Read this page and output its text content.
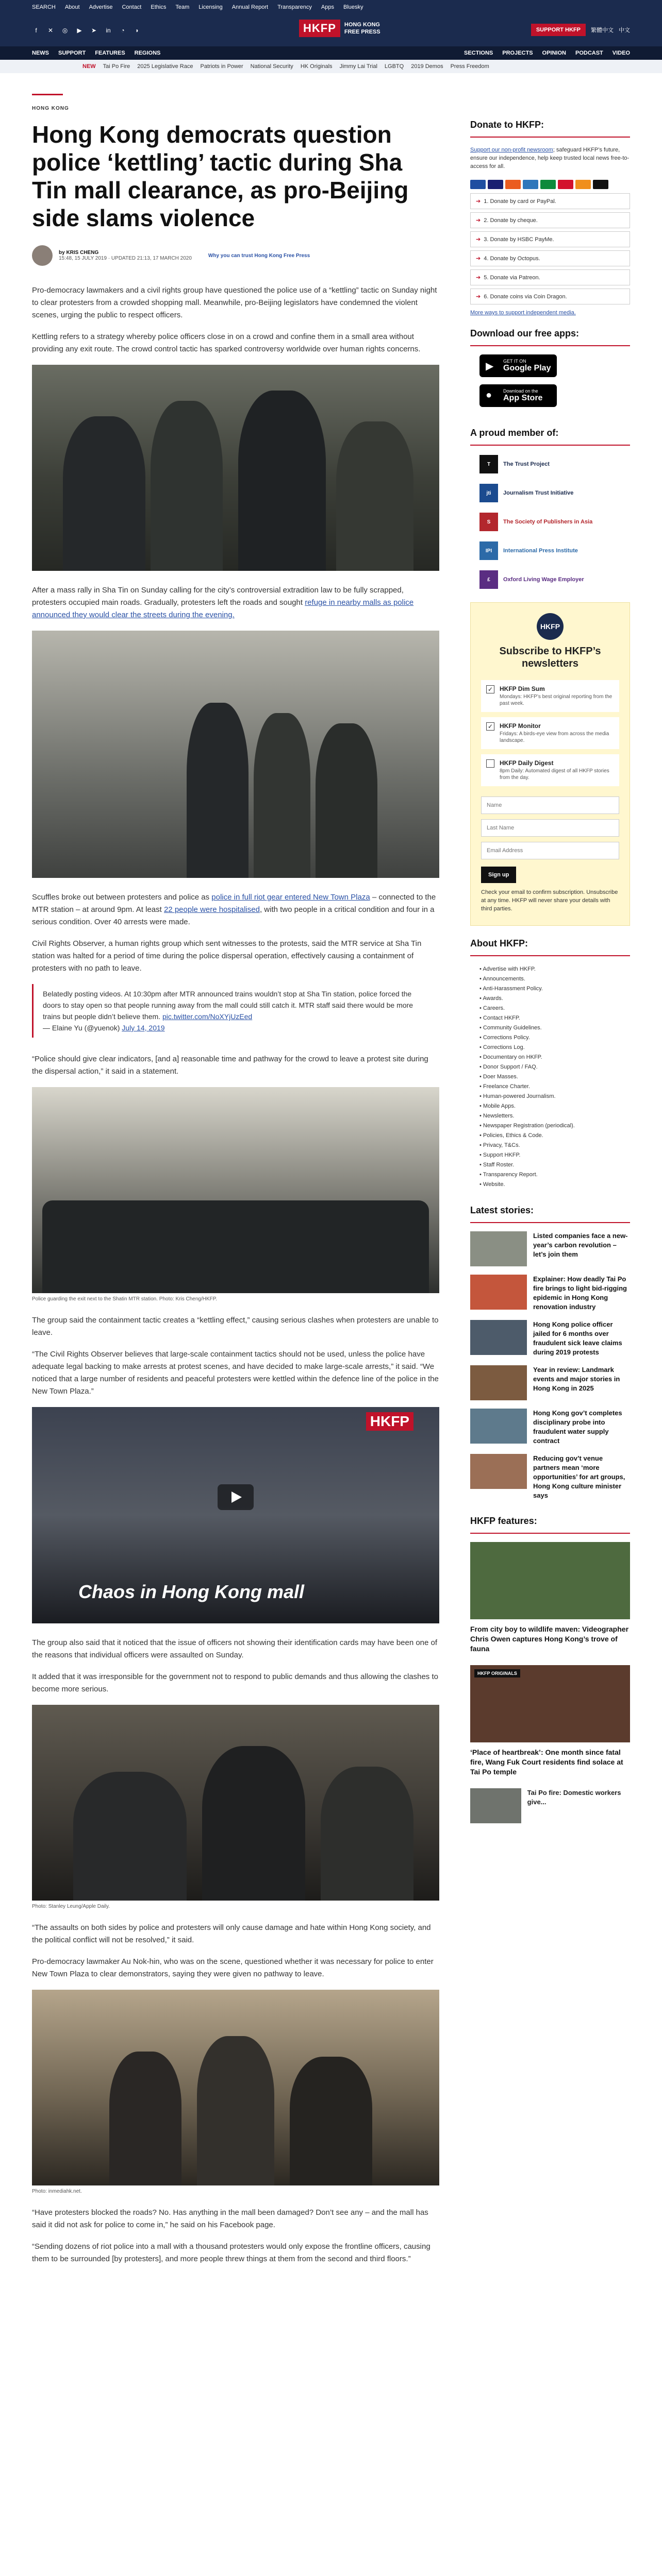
SEARCH About Advertise Contact Ethics Team Licensing Annual Report Transparency Apps Bluesky
f	✕ ◎ ▶ ➤ in	◔	◗	HKFP	HONG KONG
FREE PRESS	SUPPORT HKFP	繁體中文 中文
NEWS SUPPORT FEATURES REGIONS	SECTIONS PROJECTS OPINION PODCAST VIDEO
NEW Tai Po Fire 2025 Legislative Race Patriots in Power National Security HK Originals Jimmy Lai Trial LGBTQ 2019 Demos Press Freedom
HONG KONG
Hong Kong democrats question police ‘kettling’ tactic during Sha Tin mall clearance, as pro-Beijing side slams violence
by KRIS CHENG
15:48, 15 JULY 2019 · UPDATED 21:13, 17 MARCH 2020	Why you can trust Hong Kong Free Press

Pro-democracy lawmakers and a civil rights group have questioned the police use of a “kettling” tactic on Sunday night to clear protesters from a crowded shopping mall. Meanwhile, pro-Beijing legislators have condemned the violent scenes, urging the public to respect officers.

Kettling refers to a strategy whereby police officers close in on a crowd and confine them in a small area without providing any exit route. The crowd control tactic has sparked controversy worldwide over human rights concerns.

After a mass rally in Sha Tin on Sunday calling for the city’s controversial extradition law to be fully scrapped, protesters occupied main roads. Gradually, protesters left the roads and sought refuge in nearby malls as police announced they would clear the streets during the evening.

Scuffles broke out between protesters and police as police in full riot gear entered New Town Plaza – connected to the MTR station – at around 9pm. At least 22 people were hospitalised, with two people in a critical condition and four in a serious condition. Over 40 arrests were made.

Civil Rights Observer, a human rights group which sent witnesses to the protests, said the MTR service at Sha Tin station was halted for a period of time during the police dispersal operation, effectively causing a containment of protesters with no path to leave.

Belatedly posting videos. At 10:30pm after MTR announced trains wouldn’t stop at Sha Tin station, police forced the doors to stay open so that people running away from the mall could still catch it. MTR staff said there would be more trains but people didn’t believe them. pic.twitter.com/NoXYjUzEed
— Elaine Yu (@yuenok) July 14, 2019

“Police should give clear indicators, [and a] reasonable time and pathway for the crowd to leave a protest site during the dispersal action,” it said in a statement.

Police guarding the exit next to the Shatin MTR station. Photo: Kris Cheng/HKFP.

The group said the containment tactic creates a “kettling effect,” causing serious clashes when protesters are unable to leave.

“The Civil Rights Observer believes that large-scale containment tactics should not be used, unless the police have adequate legal backing to make arrests at protest scenes, and have decided to make large-scale arrests,” it said. “We noticed that a large number of residents and peaceful protesters were kettled within the defence line of the police in the New Town Plaza.”

HKFP
Chaos in Hong Kong mall

The group also said that it noticed that the issue of officers not showing their identification cards may have been one of the reasons that individual officers were assaulted on Sunday.

It added that it was irresponsible for the government not to respond to public demands and thus allowing the clashes to become more serious.

Photo: Stanley Leung/Apple Daily.

“The assaults on both sides by police and protesters will only cause damage and hate within Hong Kong society, and the political conflict will not be resolved,” it said.

Pro-democracy lawmaker Au Nok-hin, who was on the scene, questioned whether it was necessary for police to enter New Town Plaza to clear demonstrators, saying they were given no pathway to leave.

Photo: inmediahk.net.

“Have protesters blocked the roads? No. Has anything in the mall been damaged? Don’t see any – and the mall has said it did not ask for police to come in,” he said on his Facebook page.

“Sending dozens of riot police into a mall with a thousand protesters would only expose the frontline officers, causing them to be surrounded [by protesters], and more people threw things at them from the second and third floors.”

Donate to HKFP:

Support our non-profit newsroom; safeguard HKFP’s future, ensure our independence, help keep trusted local news free-to-access for all.

➔ 1. Donate by card or PayPal.
➔ 2. Donate by cheque.
➔ 3. Donate by HSBC PayMe.
➔ 4. Donate by Octopus.
➔ 5. Donate via Patreon.
➔ 6. Donate coins via Coin Dragon.
More ways to support independent media.
Download our free apps:
▶ GET IT ON
Google Play
● Download on the
App Store
A proud member of:
T	The Trust Project
jti	Journalism Trust Initiative
S	The Society of Publishers in Asia
IPI	International Press Institute
£	Oxford Living Wage Employer
HKFP
Subscribe to HKFP’s newsletters
✓ HKFP Dim Sum
Mondays: HKFP’s best original reporting from the past week.
✓ HKFP Monitor
Fridays: A birds-eye view from across the media landscape.
HKFP Daily Digest
8pm Daily: Automated digest of all HKFP stories from the day.
Name Last Name Email Address Sign up

Check your email to confirm subscription. Unsubscribe at any time. HKFP will never share your details with third parties.

About HKFP:
• Advertise with HKFP.
• Announcements.
• Anti-Harassment Policy.
• Awards.
• Careers.
• Contact HKFP.
• Community Guidelines.
• Corrections Policy.
• Corrections Log.
• Documentary on HKFP.
• Donor Support / FAQ.
• Doer Masses.
• Freelance Charter.
• Human-powered Journalism.
• Mobile Apps.
• Newsletters.
• Newspaper Registration (periodical).
• Policies, Ethics & Code.
• Privacy, T&Cs.
• Support HKFP.
• Staff Roster.
• Transparency Report.
• Website.
Latest stories:
Listed companies face a new-year’s carbon revolution – let’s join them
Explainer: How deadly Tai Po fire brings to light bid-rigging epidemic in Hong Kong renovation industry
Hong Kong police officer jailed for 6 months over fraudulent sick leave claims during 2019 protests
Year in review: Landmark events and major stories in Hong Kong in 2025
Hong Kong gov’t completes disciplinary probe into fraudulent water supply contract
Reducing gov’t venue partners mean ‘more opportunities’ for art groups, Hong Kong culture minister says
HKFP features:
From city boy to wildlife maven: Videographer Chris Owen captures Hong Kong’s trove of fauna
HKFP ORIGINALS
‘Place of heartbreak’: One month since fatal fire, Wang Fuk Court residents find solace at Tai Po temple
Tai Po fire: Domestic workers give...
